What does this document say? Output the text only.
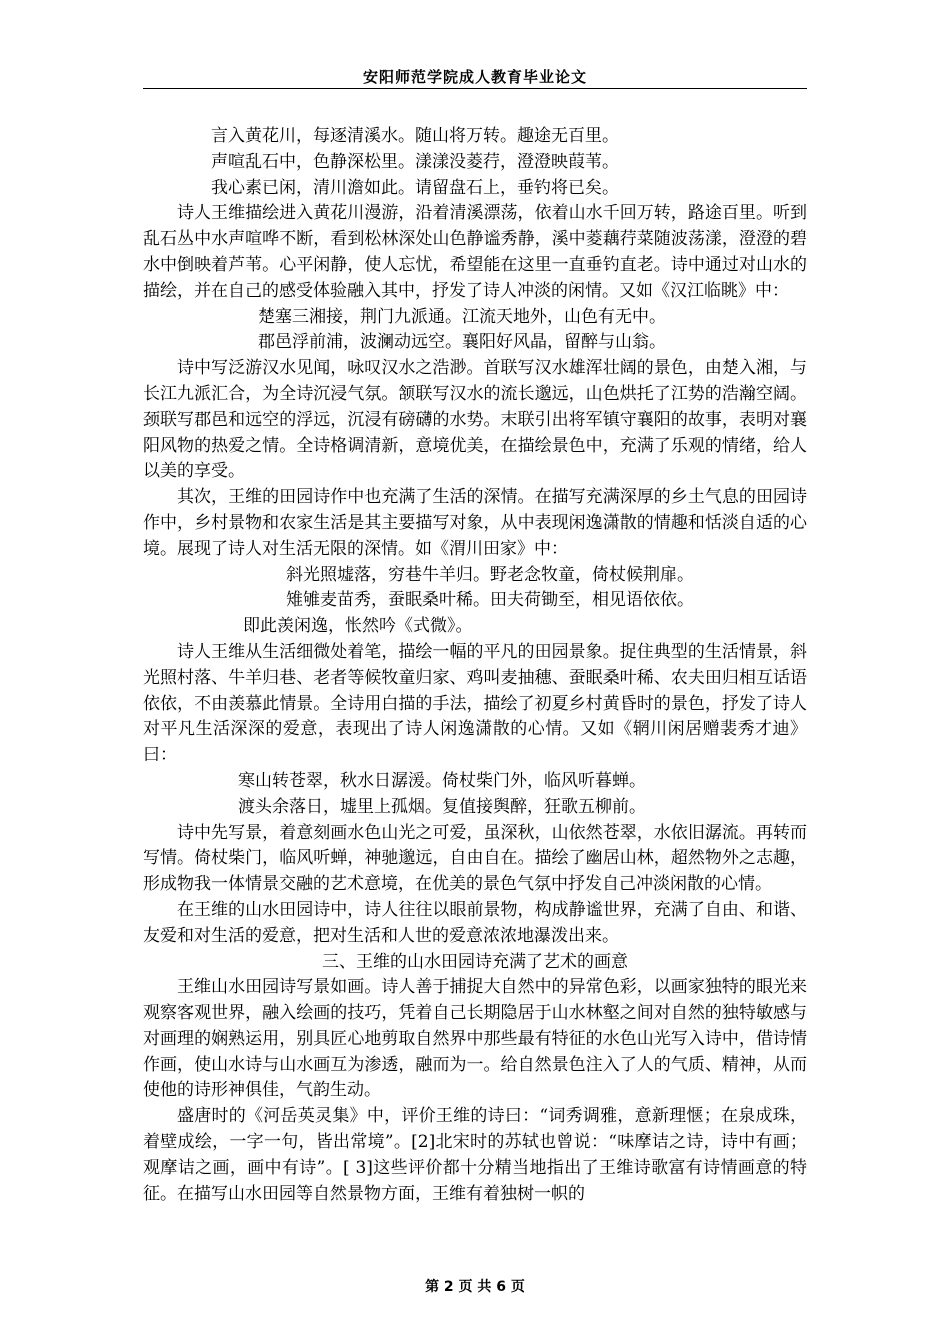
安阳师范学院成人教育毕业论文

言入黄花川，每逐清溪水。随山将万转。趣途无百里。

声喧乱石中，色静深松里。漾漾没菱荇，澄澄映葭苇。

我心素已闲，清川澹如此。请留盘石上，垂钓将已矣。

诗人王维描绘进入黄花川漫游，沿着清溪漂荡，依着山水千回万转，路途百里。听到乱石丛中水声喧哗不断，看到松林深处山色静谧秀静，溪中菱藕荇菜随波荡漾，澄澄的碧水中倒映着芦苇。心平闲静，使人忘忧，希望能在这里一直垂钓直老。诗中通过对山水的描绘，并在自己的感受体验融入其中，抒发了诗人冲淡的闲情。又如《汉江临眺》中：

楚塞三湘接，荆门九派通。江流天地外，山色有无中。

郡邑浮前浦，波澜动远空。襄阳好风晶，留醉与山翁。

诗中写泛游汉水见闻，咏叹汉水之浩渺。首联写汉水雄浑壮阔的景色，由楚入湘，与长江九派汇合，为全诗沉浸气氛。颔联写汉水的流长邈远，山色烘托了江势的浩瀚空阔。颈联写郡邑和远空的浮远，沉浸有磅礴的水势。末联引出将军镇守襄阳的故事，表明对襄阳风物的热爱之情。全诗格调清新，意境优美，在描绘景色中，充满了乐观的情绪，给人以美的享受。

其次，王维的田园诗作中也充满了生活的深情。在描写充满深厚的乡土气息的田园诗作中，乡村景物和农家生活是其主要描写对象，从中表现闲逸潇散的情趣和恬淡自适的心境。展现了诗人对生活无限的深情。如《渭川田家》中：

斜光照墟落，穷巷牛羊归。野老念牧童，倚杖候荆扉。

雉雊麦苗秀，蚕眠桑叶稀。田夫荷锄至，相见语依依。

即此羡闲逸，怅然吟《式微》。

诗人王维从生活细微处着笔，描绘一幅的平凡的田园景象。捉住典型的生活情景，斜光照村落、牛羊归巷、老者等候牧童归家、鸡叫麦抽穗、蚕眠桑叶稀、农夫田归相互话语依依，不由羡慕此情景。全诗用白描的手法，描绘了初夏乡村黄昏时的景色，抒发了诗人对平凡生活深深的爱意，表现出了诗人闲逸潇散的心情。又如《辋川闲居赠裴秀才迪》曰：

寒山转苍翠，秋水日潺湲。倚杖柴门外，临风听暮蝉。

渡头余落日，墟里上孤烟。复值接舆醉，狂歌五柳前。

诗中先写景，着意刻画水色山光之可爱，虽深秋，山依然苍翠，水依旧潺流。再转而写情。倚杖柴门，临风听蝉，神驰邈远，自由自在。描绘了幽居山林，超然物外之志趣，形成物我一体情景交融的艺术意境，在优美的景色气氛中抒发自己冲淡闲散的心情。

在王维的山水田园诗中，诗人往往以眼前景物，构成静谧世界，充满了自由、和谐、友爱和对生活的爱意，把对生活和人世的爱意浓浓地瀑泼出来。

三、王维的山水田园诗充满了艺术的画意

王维山水田园诗写景如画。诗人善于捕捉大自然中的异常色彩，以画家独特的眼光来观察客观世界，融入绘画的技巧，凭着自己长期隐居于山水林壑之间对自然的独特敏感与对画理的娴熟运用，别具匠心地剪取自然界中那些最有特征的水色山光写入诗中，借诗情作画，使山水诗与山水画互为渗透，融而为一。给自然景色注入了人的气质、精神，从而使他的诗形神俱佳，气韵生动。

盛唐时的《河岳英灵集》中，评价王维的诗曰：“词秀调雅，意新理惬；在泉成珠，着壁成绘，一字一句，皆出常境”。[2]北宋时的苏轼也曾说：“味摩诘之诗，诗中有画；观摩诘之画，画中有诗”。[ 3]这些评价都十分精当地指出了王维诗歌富有诗情画意的特征。在描写山水田园等自然景物方面，王维有着独树一帜的

第 2 页 共 6 页
